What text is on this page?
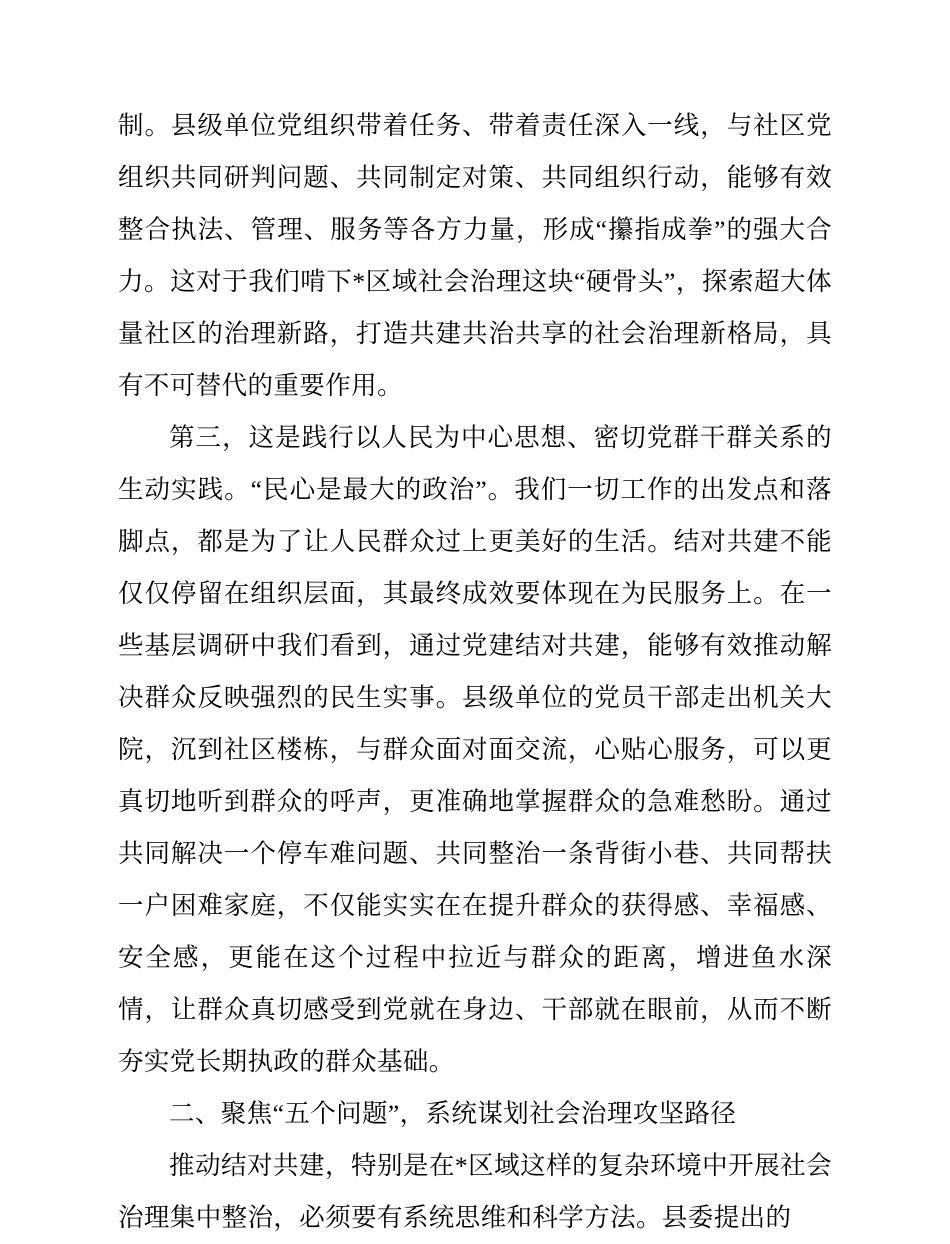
制。县级单位党组织带着任务、带着责任深入一线，与社区党组织共同研判问题、共同制定对策、共同组织行动，能够有效整合执法、管理、服务等各方力量，形成“攥指成拳”的强大合力。这对于我们啃下*区域社会治理这块“硬骨头”，探索超大体量社区的治理新路，打造共建共治共享的社会治理新格局，具有不可替代的重要作用。

第三，这是践行以人民为中心思想、密切党群干群关系的生动实践。“民心是最大的政治”。我们一切工作的出发点和落脚点，都是为了让人民群众过上更美好的生活。结对共建不能仅仅停留在组织层面，其最终成效要体现在为民服务上。在一些基层调研中我们看到，通过党建结对共建，能够有效推动解决群众反映强烈的民生实事。县级单位的党员干部走出机关大院，沉到社区楼栋，与群众面对面交流，心贴心服务，可以更真切地听到群众的呼声，更准确地掌握群众的急难愁盼。通过共同解决一个停车难问题、共同整治一条背街小巷、共同帮扶一户困难家庭，不仅能实实在在提升群众的获得感、幸福感、安全感，更能在这个过程中拉近与群众的距离，增进鱼水深情，让群众真切感受到党就在身边、干部就在眼前，从而不断夯实党长期执政的群众基础。

二、聚焦“五个问题”，系统谋划社会治理攻坚路径

推动结对共建，特别是在*区域这样的复杂环境中开展社会治理集中整治，必须要有系统思维和科学方法。县委提出的
